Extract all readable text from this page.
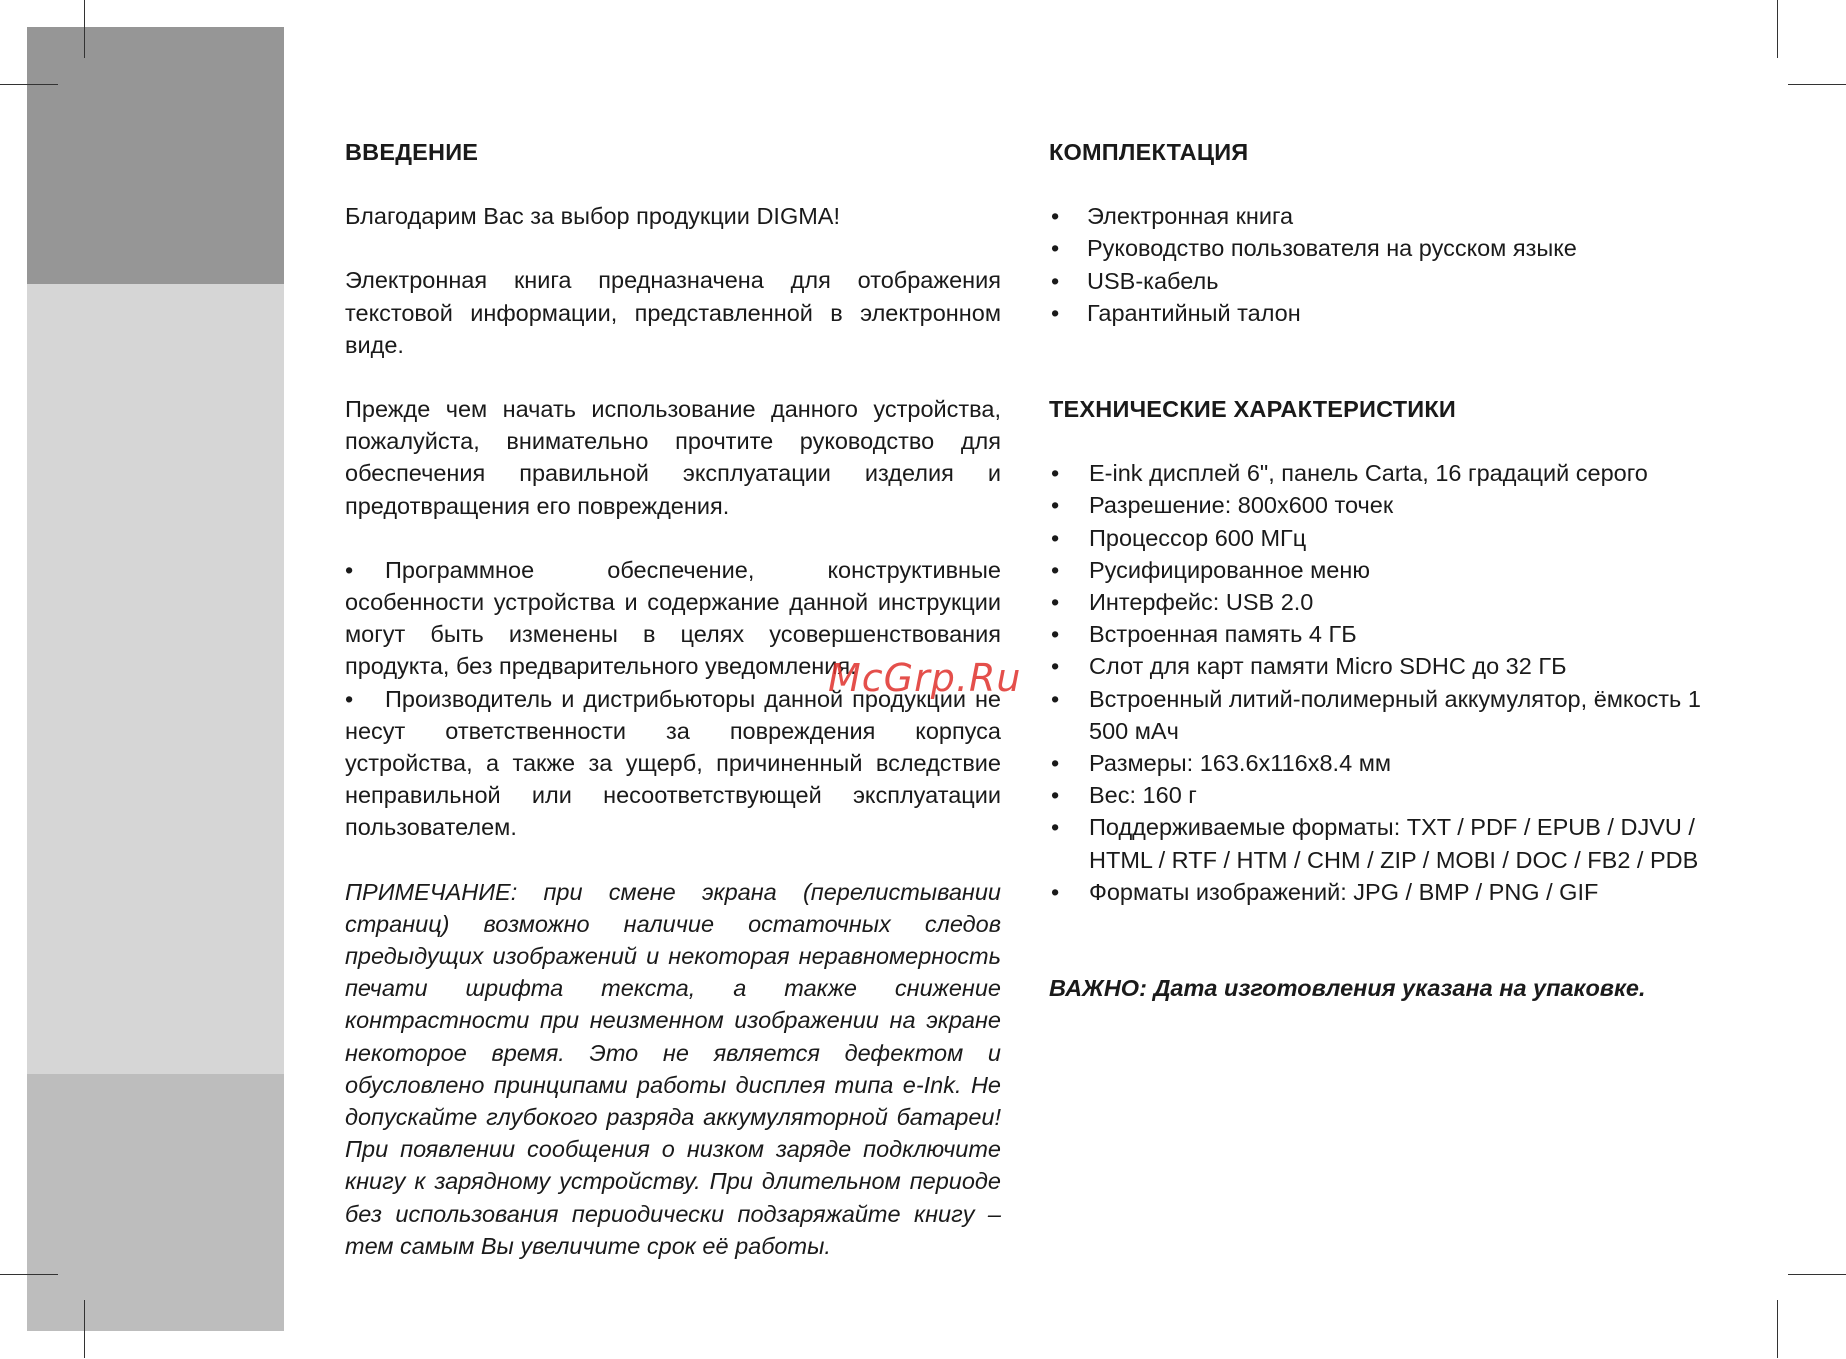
ВВЕДЕНИЕ

Благодарим Вас за выбор продукции DIGMA!

Электронная книга предназначена для отображения текстовой информации, представленной в электронном виде.

Прежде чем начать использование данного устройства, пожалуйста, внимательно прочтите руководство для обеспечения правильной эксплуатации изделия и предотвращения его повреждения.

• Программное обеспечение, конструктивные особенности устройства и содержание данной инструкции могут быть изменены в целях усовершенствования продукта, без предварительного уведомления.

• Производитель и дистрибьюторы данной продукции не несут ответственности за повреждения корпуса устройства, а также за ущерб, причиненный вследствие неправильной или несоответствующей эксплуатации пользователем.

ПРИМЕЧАНИЕ: при смене экрана (перелистывании страниц) возможно наличие остаточных следов предыдущих изображений и некоторая неравномерность печати шрифта текста, а также снижение контрастности при неизменном изображении на экране некоторое время. Это не является дефектом и обусловлено принципами работы дисплея типа e-Ink. Не допускайте глубокого разряда аккумуляторной батареи! При появлении сообщения о низком заряде подключите книгу к зарядному устройству. При длительном периоде без использования периодически подзаряжайте книгу – тем самым Вы увеличите срок её работы.

КОМПЛЕКТАЦИЯ
• Электронная книга
• Руководство пользователя на русском языке
• USB-кабель
• Гарантийный талон
ТЕХНИЧЕСКИЕ ХАРАКТЕРИСТИКИ
• E-ink дисплей 6", панель Carta, 16 градаций серого
• Разрешение: 800x600 точек
• Процессор 600 МГц
• Русифицированное меню
• Интерфейс: USB 2.0
• Встроенная память 4 ГБ
• Слот для карт памяти Micro SDHC до 32 ГБ
• Встроенный литий-полимерный аккумулятор, ёмкость 1 500 мАч
• Размеры: 163.6x116x8.4 мм
• Вес: 160 г
• Поддерживаемые форматы: TXT / PDF / EPUB / DJVU / HTML / RTF / HTM / CHM / ZIP / MOBI / DOC / FB2 / PDB
• Форматы изображений: JPG / BMP / PNG / GIF

ВАЖНО: Дата изготовления указана на упаковке.

McGrp.Ru
